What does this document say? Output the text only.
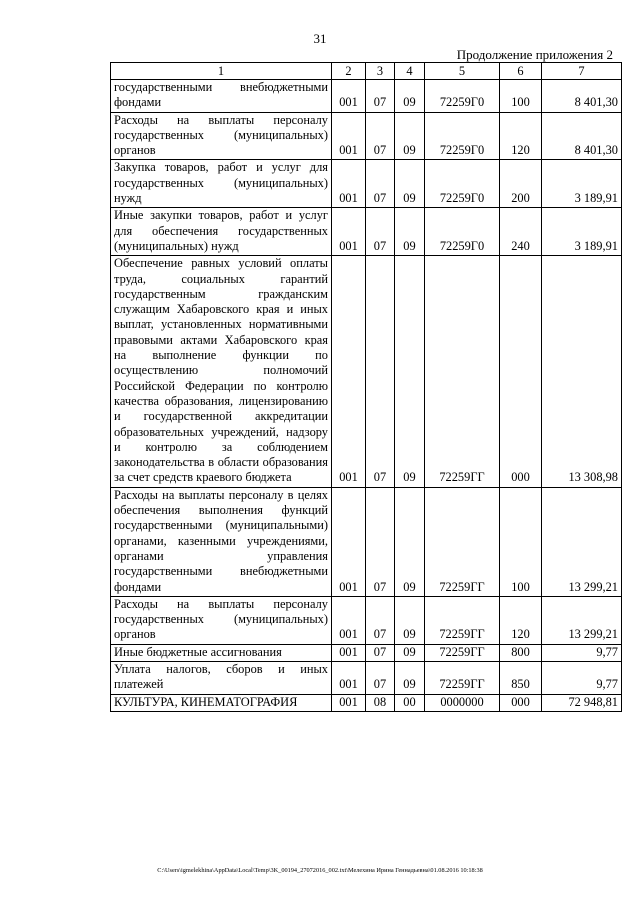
31
Продолжение приложения 2
1	2	3	4	5	6	7
государственными внебюджетными фондами	001	07	09	72259Г0	100	8 401,30
Расходы на выплаты персоналу государственных (муниципальных) органов	001	07	09	72259Г0	120	8 401,30
Закупка товаров, работ и услуг для государственных (муниципальных) нужд	001	07	09	72259Г0	200	3 189,91
Иные закупки товаров, работ и услуг для обеспечения государственных (муниципальных) нужд	001	07	09	72259Г0	240	3 189,91
Обеспечение равных условий оплаты труда, социальных гарантий государственным гражданским служащим Хабаровского края и иных выплат, установленных нормативными правовыми актами Хабаровского края на выполнение функции по осуществлению полномочий Российской Федерации по контролю качества образования, лицензированию и государственной аккредитации образовательных учреждений, надзору и контролю за соблюдением законодательства в области образования за счет средств краевого бюджета	001	07	09	72259ГГ	000	13 308,98
Расходы на выплаты персоналу в целях обеспечения выполнения функций государственными (муниципальными) органами, казенными учреждениями, органами управления государственными внебюджетными фондами	001	07	09	72259ГГ	100	13 299,21
Расходы на выплаты персоналу государственных (муниципальных) органов	001	07	09	72259ГГ	120	13 299,21
Иные бюджетные ассигнования	001	07	09	72259ГГ	800	9,77
Уплата налогов, сборов и иных платежей	001	07	09	72259ГГ	850	9,77
КУЛЬТУРА, КИНЕМАТОГРАФИЯ	001	08	00	0000000	000	72 948,81
C:\Users\igmelekhina\AppData\Local\Temp\3K_00194_27072016_002.txt\Мелехина Ирина Геннадьевна\01.08.2016 10:18:38
